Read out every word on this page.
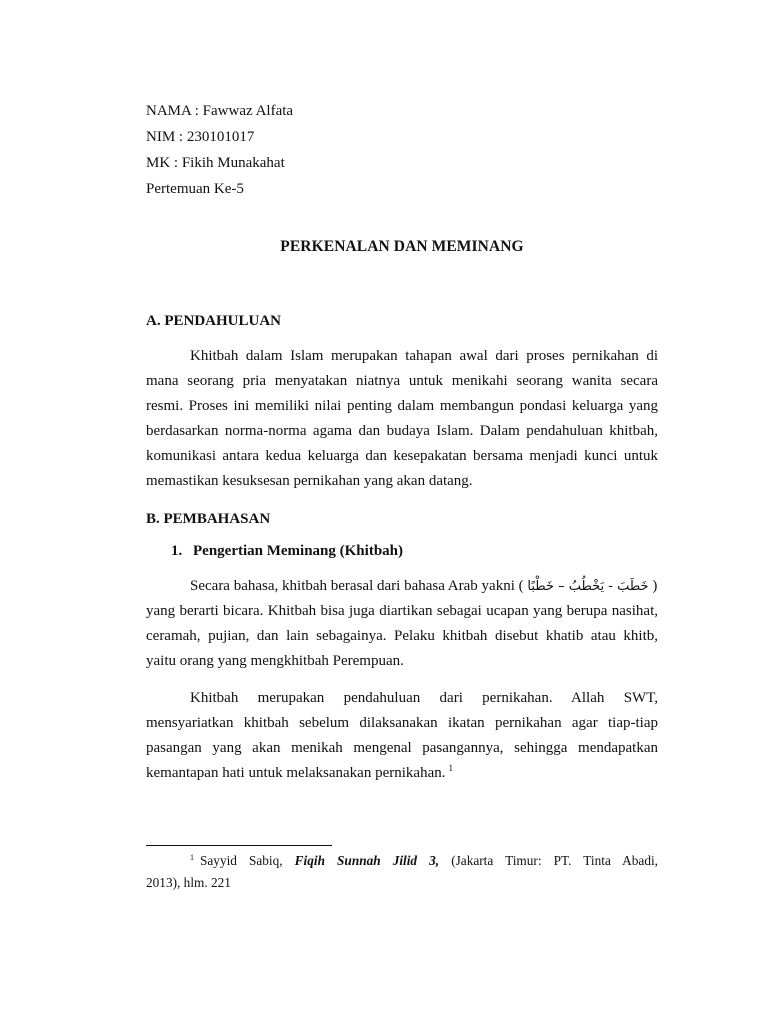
NAMA : Fawwaz Alfata
NIM : 230101017
MK : Fikih Munakahat
Pertemuan Ke-5
PERKENALAN DAN MEMINANG
A. PENDAHULUAN
Khitbah dalam Islam merupakan tahapan awal dari proses pernikahan di
mana seorang pria menyatakan niatnya untuk menikahi seorang wanita secara
resmi. Proses ini memiliki nilai penting dalam membangun pondasi keluarga yang
berdasarkan norma-norma agama dan budaya Islam. Dalam pendahuluan khitbah,
komunikasi antara kedua keluarga dan kesepakatan bersama menjadi kunci untuk
memastikan kesuksesan pernikahan yang akan datang.
B. PEMBAHASAN
1. Pengertian Meminang (Khitbah)
Secara bahasa, khitbah berasal dari bahasa Arab yakni ( خَطَبَ - يَخْطُبُ – خَطْبًا )
yang berarti bicara. Khitbah bisa juga diartikan sebagai ucapan yang berupa nasihat,
ceramah, pujian, dan lain sebagainya. Pelaku khitbah disebut khatib atau khitb,
yaitu orang yang mengkhitbah Perempuan.
Khitbah merupakan pendahuluan dari pernikahan. Allah SWT,
mensyariatkan khitbah sebelum dilaksanakan ikatan pernikahan agar tiap-tiap
pasangan yang akan menikah mengenal pasangannya, sehingga mendapatkan
kemantapan hati untuk melaksanakan pernikahan. $^1$
$^1$ Sayyid Sabiq, Fiqih Sunnah Jilid 3, (Jakarta Timur: PT. Tinta Abadi,
2013), hlm. 221
